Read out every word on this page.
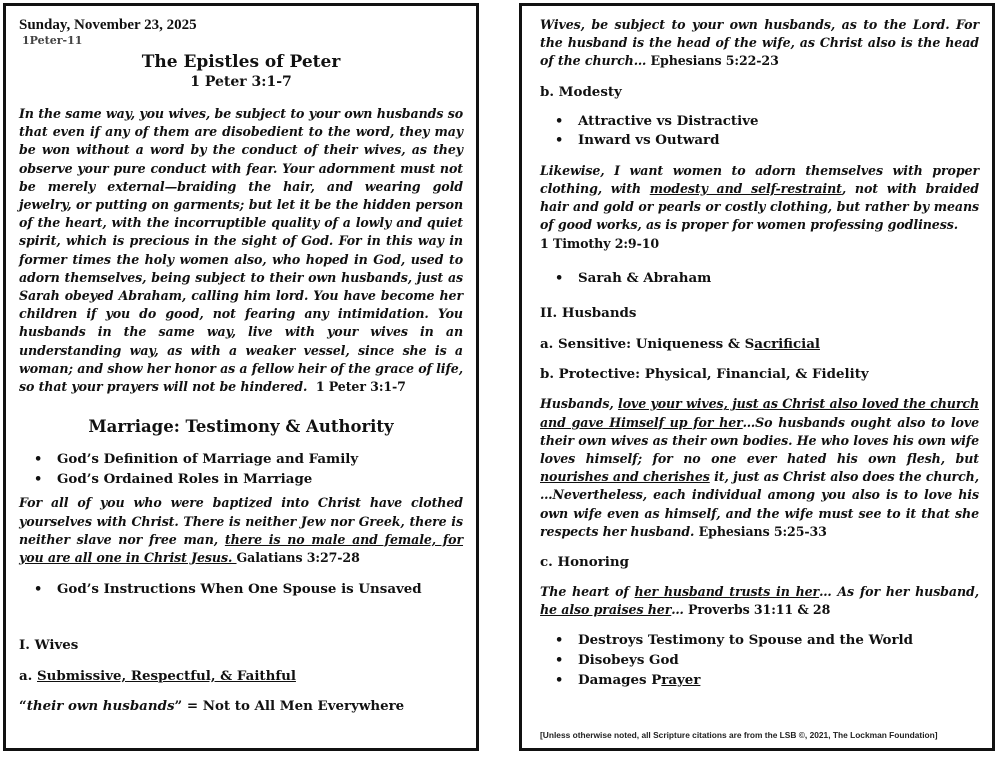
Sunday, November 23, 2025
1Peter-11
The Epistles of Peter
1 Peter 3:1-7
In the same way, you wives, be subject to your own husbands so that even if any of them are disobedient to the word, they may be won without a word by the conduct of their wives, as they observe your pure conduct with fear. Your adornment must not be merely external—braiding the hair, and wearing gold jewelry, or putting on garments; but let it be the hidden person of the heart, with the incorruptible quality of a lowly and quiet spirit, which is precious in the sight of God. For in this way in former times the holy women also, who hoped in God, used to adorn themselves, being subject to their own husbands, just as Sarah obeyed Abraham, calling him lord. You have become her children if you do good, not fearing any intimidation. You husbands in the same way, live with your wives in an understanding way, as with a weaker vessel, since she is a woman; and show her honor as a fellow heir of the grace of life, so that your prayers will not be hindered. 1 Peter 3:1-7
Marriage: Testimony & Authority
• God’s Definition of Marriage and Family
• God’s Ordained Roles in Marriage
For all of you who were baptized into Christ have clothed yourselves with Christ. There is neither Jew nor Greek, there is neither slave nor free man, there is no male and female, for you are all one in Christ Jesus. Galatians 3:27-28
• God’s Instructions When One Spouse is Unsaved
I. Wives
a. Submissive, Respectful, & Faithful
“their own husbands” = Not to All Men Everywhere
Wives, be subject to your own husbands, as to the Lord. For the husband is the head of the wife, as Christ also is the head of the church… Ephesians 5:22-23
b. Modesty
• Attractive vs Distractive
• Inward vs Outward
Likewise, I want women to adorn themselves with proper clothing, with modesty and self-restraint, not with braided hair and gold or pearls or costly clothing, but rather by means of good works, as is proper for women professing godliness.
1 Timothy 2:9-10
• Sarah & Abraham
II. Husbands
a. Sensitive: Uniqueness & Sacrificial
b. Protective: Physical, Financial, & Fidelity
Husbands, love your wives, just as Christ also loved the church and gave Himself up for her…So husbands ought also to love their own wives as their own bodies. He who loves his own wife loves himself; for no one ever hated his own flesh, but nourishes and cherishes it, just as Christ also does the church, …Nevertheless, each individual among you also is to love his own wife even as himself, and the wife must see to it that she respects her husband. Ephesians 5:25-33
c. Honoring
The heart of her husband trusts in her… As for her husband, he also praises her… Proverbs 31:11 & 28
• Destroys Testimony to Spouse and the World
• Disobeys God
• Damages Prayer
[Unless otherwise noted, all Scripture citations are from the LSB ©, 2021, The Lockman Foundation]
